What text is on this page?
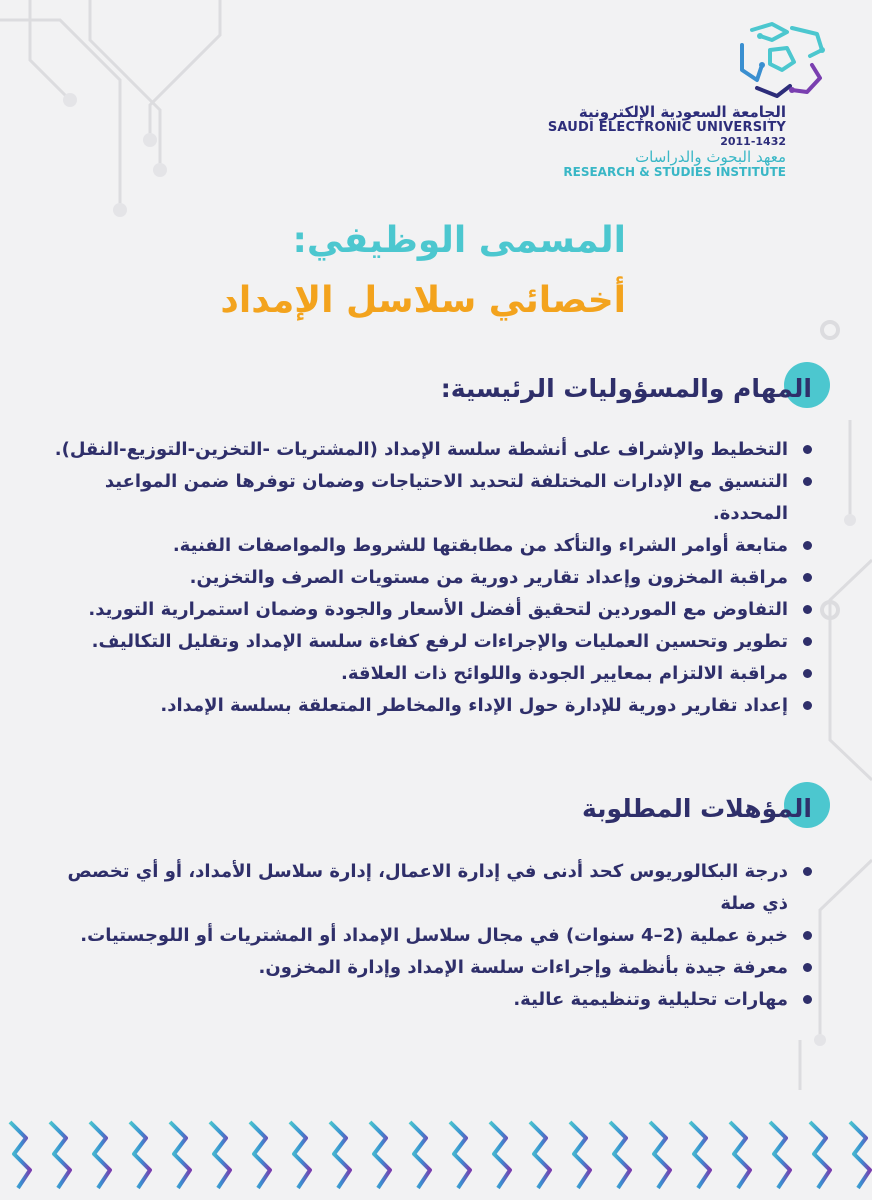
الجامعة السعودية الإلكترونية
SAUDI ELECTRONIC UNIVERSITY
2011-1432
معهد البحوث والدراسات
RESEARCH & STUDIES INSTITUTE
المسمى الوظيفي:
أخصائي سلاسل الإمداد
المهام والمسؤوليات الرئيسية:
التخطيط والإشراف على أنشطة سلسة الإمداد (المشتريات -التخزين-التوزيع-النقل).
التنسيق مع الإدارات المختلفة لتحديد الاحتياجات وضمان توفرها ضمن المواعيد المحددة.
متابعة أوامر الشراء والتأكد من مطابقتها للشروط والمواصفات الفنية.
مراقبة المخزون وإعداد تقارير دورية من مستويات الصرف والتخزين.
التفاوض مع الموردين لتحقيق أفضل الأسعار والجودة وضمان استمرارية التوريد.
تطوير وتحسين العمليات والإجراءات لرفع كفاءة سلسة الإمداد وتقليل التكاليف.
مراقبة الالتزام بمعايير الجودة واللوائح ذات العلاقة.
إعداد تقارير دورية للإدارة حول الإداء والمخاطر المتعلقة بسلسة الإمداد.
المؤهلات المطلوبة
درجة البكالوريوس كحد أدنى في إدارة الاعمال، إدارة سلاسل الأمداد، أو أي تخصص ذي صلة
خبرة عملية (2–4 سنوات) في مجال سلاسل الإمداد أو المشتريات أو اللوجستيات.
معرفة جيدة بأنظمة وإجراءات سلسة الإمداد وإدارة المخزون.
مهارات تحليلية وتنظيمية عالية.
